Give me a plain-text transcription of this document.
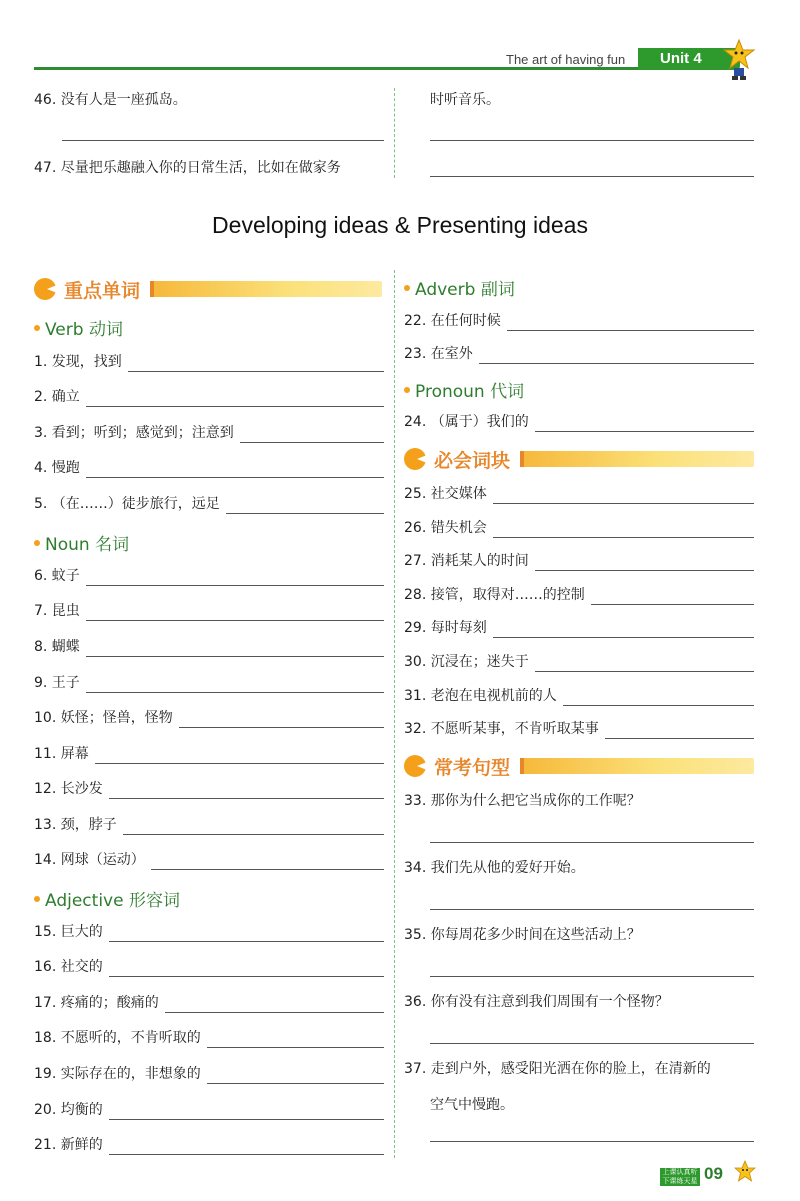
The art of having fun	Unit 4
46. 没有人是一座孤岛。
47. 尽量把乐趣融入你的日常生活，比如在做家务
时听音乐。
Developing ideas & Presenting ideas
重点单词
Verb 动词
1. 发现，找到
2. 确立
3. 看到；听到；感觉到；注意到
4. 慢跑
5. （在……）徒步旅行，远足
Noun 名词
6. 蚊子
7. 昆虫
8. 蝴蝶
9. 王子
10. 妖怪；怪兽，怪物
11. 屏幕
12. 长沙发
13. 颈，脖子
14. 网球（运动）
Adjective 形容词
15. 巨大的
16. 社交的
17. 疼痛的；酸痛的
18. 不愿听的，不肯听取的
19. 实际存在的，非想象的
20. 均衡的
21. 新鲜的
Adverb 副词
22. 在任何时候
23. 在室外
Pronoun 代词
24. （属于）我们的
必会词块
25. 社交媒体
26. 错失机会
27. 消耗某人的时间
28. 接管，取得对……的控制
29. 每时每刻
30. 沉浸在；迷失于
31. 老泡在电视机前的人
32. 不愿听某事，不肯听取某事
常考句型
33. 那你为什么把它当成你的工作呢？
34. 我们先从他的爱好开始。
35. 你每周花多少时间在这些活动上？
36. 你有没有注意到我们周围有一个怪物？
37. 走到户外，感受阳光洒在你的脸上，在清新的
空气中慢跑。
上课认真听
下课练天星 09
